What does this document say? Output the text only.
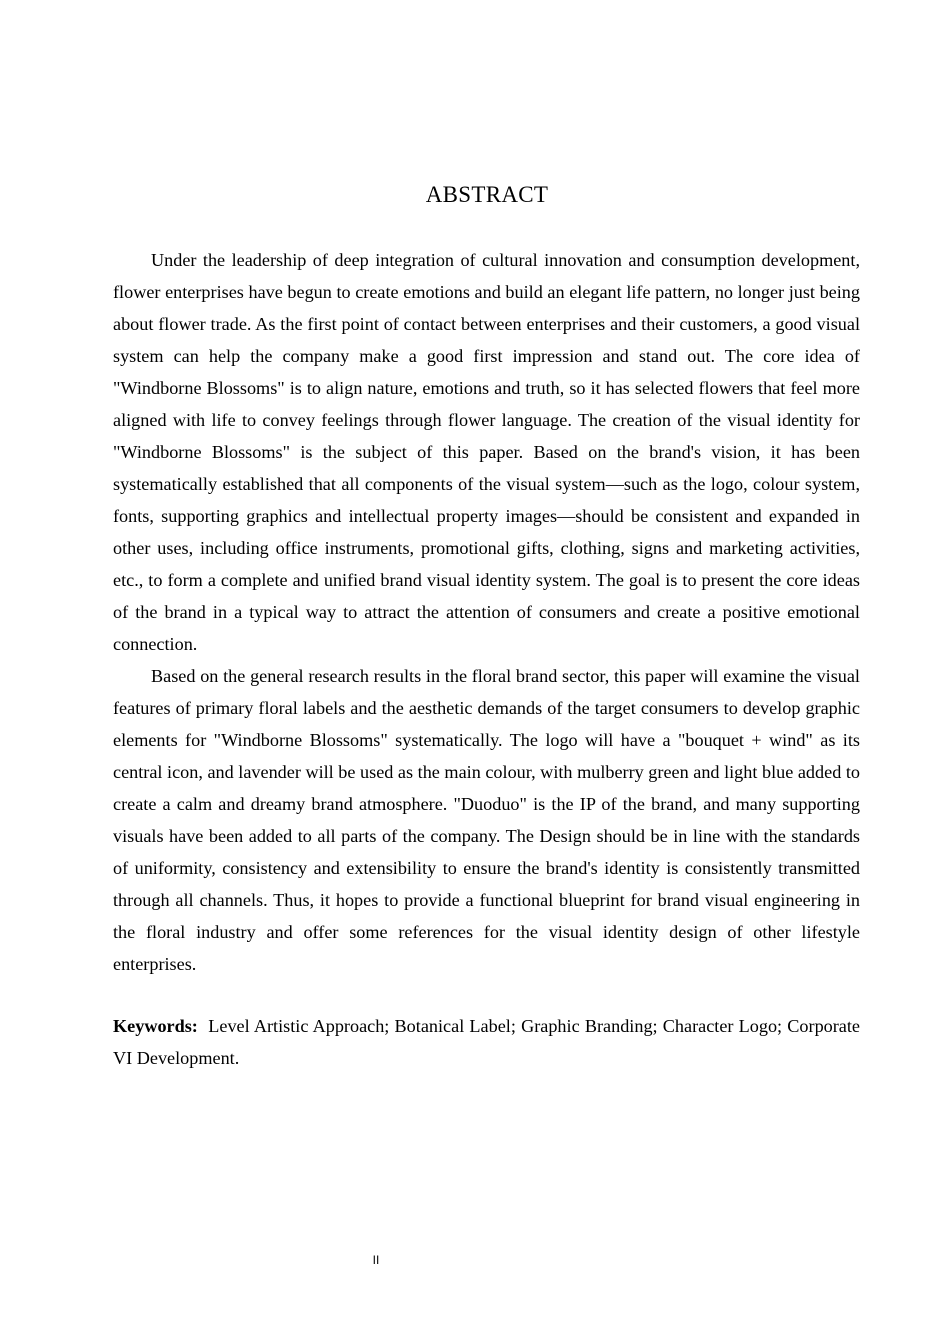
ABSTRACT

Under the leadership of deep integration of cultural innovation and consumption development, flower enterprises have begun to create emotions and build an elegant life pattern, no longer just being about flower trade. As the first point of contact between enterprises and their customers, a good visual system can help the company make a good first impression and stand out. The core idea of "Windborne Blossoms" is to align nature, emotions and truth, so it has selected flowers that feel more aligned with life to convey feelings through flower language. The creation of the visual identity for "Windborne Blossoms" is the subject of this paper. Based on the brand's vision, it has been systematically established that all components of the visual system—such as the logo, colour system, fonts, supporting graphics and intellectual property images—should be consistent and expanded in other uses, including office instruments, promotional gifts, clothing, signs and marketing activities, etc., to form a complete and unified brand visual identity system. The goal is to present the core ideas of the brand in a typical way to attract the attention of consumers and create a positive emotional connection.

Based on the general research results in the floral brand sector, this paper will examine the visual features of primary floral labels and the aesthetic demands of the target consumers to develop graphic elements for "Windborne Blossoms" systematically. The logo will have a "bouquet + wind" as its central icon, and lavender will be used as the main colour, with mulberry green and light blue added to create a calm and dreamy brand atmosphere. "Duoduo" is the IP of the brand, and many supporting visuals have been added to all parts of the company. The Design should be in line with the standards of uniformity, consistency and extensibility to ensure the brand's identity is consistently transmitted through all channels. Thus, it hopes to provide a functional blueprint for brand visual engineering in the floral industry and offer some references for the visual identity design of other lifestyle enterprises.

Keywords: Level Artistic Approach; Botanical Label; Graphic Branding; Character Logo; Corporate VI Development.

II
